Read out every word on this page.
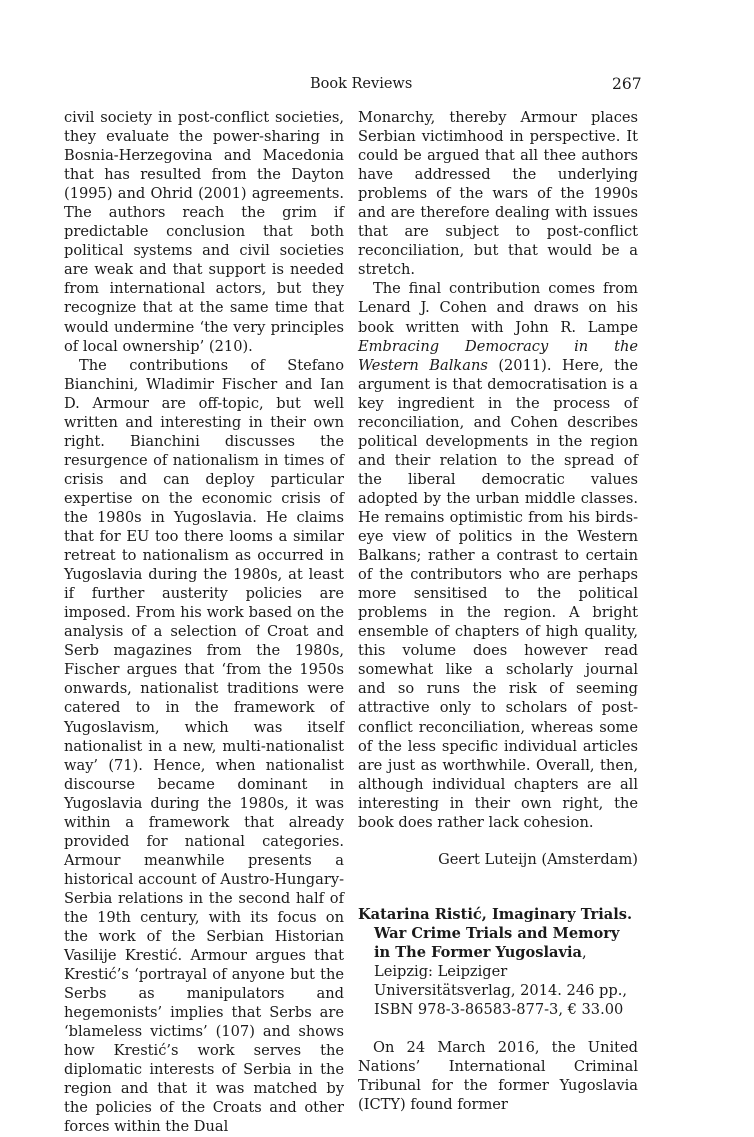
Book Reviews	267

civil society in post-conflict societies, they evaluate the power-sharing in Bosnia-Herzegovina and Macedonia that has resulted from the Dayton (1995) and Ohrid (2001) agreements. The authors reach the grim if predictable conclusion that both political systems and civil societies are weak and that support is needed from international actors, but they recognize that at the same time that would undermine ‘the very principles of local ownership’ (210).

The contributions of Stefano Bianchini, Wladimir Fischer and Ian D. Armour are off-topic, but well written and interesting in their own right. Bianchini discusses the resurgence of nationalism in times of crisis and can deploy particular expertise on the economic crisis of the 1980s in Yugoslavia. He claims that for EU too there looms a similar retreat to nationalism as occurred in Yugoslavia during the 1980s, at least if further austerity policies are imposed. From his work based on the analysis of a selection of Croat and Serb magazines from the 1980s, Fischer argues that ‘from the 1950s onwards, nationalist traditions were catered to in the framework of Yugoslavism, which was itself nationalist in a new, multi-nationalist way’ (71). Hence, when nationalist discourse became dominant in Yugoslavia during the 1980s, it was within a framework that already provided for national categories. Armour meanwhile presents a historical account of Austro-Hungary-Serbia relations in the second half of the 19th century, with its focus on the work of the Serbian Historian Vasilije Krestić. Armour argues that Krestić’s ‘portrayal of anyone but the Serbs as manipulators and hegemonists’ implies that Serbs are ‘blameless victims’ (107) and shows how Krestić’s work serves the diplomatic interests of Serbia in the region and that it was matched by the policies of the Croats and other forces within the Dual

Monarchy, thereby Armour places Serbian victimhood in perspective. It could be argued that all thee authors have addressed the underlying problems of the wars of the 1990s and are therefore dealing with issues that are subject to post-conflict reconciliation, but that would be a stretch.

The final contribution comes from Lenard J. Cohen and draws on his book written with John R. Lampe Embracing Democracy in the Western Balkans (2011). Here, the argument is that democratisation is a key ingredient in the process of reconciliation, and Cohen describes political developments in the region and their relation to the spread of the liberal democratic values adopted by the urban middle classes. He remains optimistic from his birds-eye view of politics in the Western Balkans; rather a contrast to certain of the contributors who are perhaps more sensitised to the political problems in the region. A bright ensemble of chapters of high quality, this volume does however read somewhat like a scholarly journal and so runs the risk of seeming attractive only to scholars of post-conflict reconciliation, whereas some of the less specific individual articles are just as worthwhile. Overall, then, although individual chapters are all interesting in their own right, the book does rather lack cohesion.

Geert Luteijn (Amsterdam)

Katarina Ristić, Imaginary Trials. War Crime Trials and Memory in The Former Yugoslavia, Leipzig: Leipziger Universitätsverlag, 2014. 246 pp., ISBN 978-3-86583-877-3, € 33.00

On 24 March 2016, the United Nations’ International Criminal Tribunal for the former Yugoslavia (ICTY) found former
